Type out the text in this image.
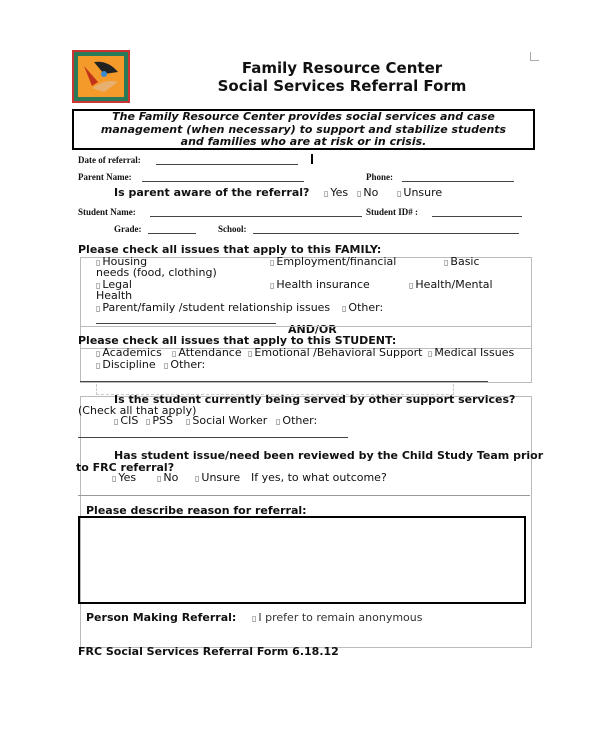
Family Resource Center
Social Services Referral Form
The Family Resource Center provides social services and case
management (when necessary) to support and stabilize students
and families who are at risk or in crisis.
Date of referral:
Parent Name:	Phone:
Is parent aware of the referral? ▯ Yes ▯ No ▯ Unsure
Student Name:	Student ID# :
Grade:	School:
Please check all issues that apply to this FAMILY:
▯ Housing	▯ Employment/financial	▯ Basic
needs (food, clothing)
▯ Legal	▯ Health insurance	▯ Health/Mental
Health
▯ Parent/family /student relationship issues ▯ Other:
AND/OR
Please check all issues that apply to this STUDENT:
▯ Academics ▯ Attendance ▯ Emotional /Behavioral Support ▯ Medical Issues
▯ Discipline ▯ Other:
Is the student currently being served by other support services?
(Check all that apply)
▯ CIS ▯ PSS ▯ Social Worker ▯ Other:
Has student issue/need been reviewed by the Child Study Team prior
to FRC referral?
▯ Yes	▯ No ▯ Unsure If yes, to what outcome?
Please describe reason for referral:
Person Making Referral: ▯ I prefer to remain anonymous
FRC Social Services Referral Form 6.18.12
